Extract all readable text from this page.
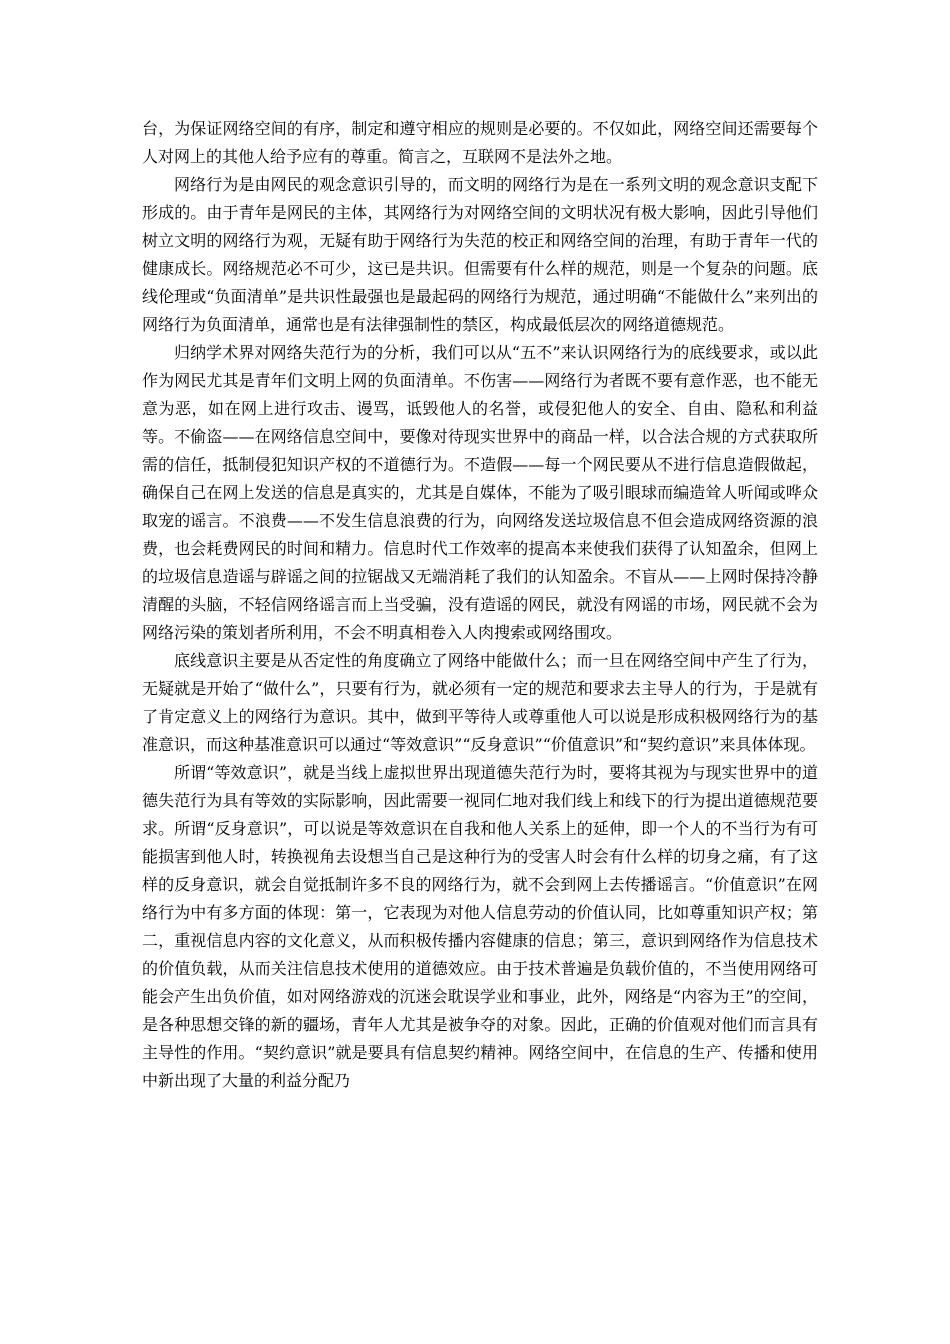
台，为保证网络空间的有序，制定和遵守相应的规则是必要的。不仅如此，网络空间还需要每个人对网上的其他人给予应有的尊重。简言之，互联网不是法外之地。

网络行为是由网民的观念意识引导的，而文明的网络行为是在一系列文明的观念意识支配下形成的。由于青年是网民的主体，其网络行为对网络空间的文明状况有极大影响，因此引导他们树立文明的网络行为观，无疑有助于网络行为失范的校正和网络空间的治理，有助于青年一代的健康成长。网络规范必不可少，这已是共识。但需要有什么样的规范，则是一个复杂的问题。底线伦理或“负面清单”是共识性最强也是最起码的网络行为规范，通过明确“不能做什么”来列出的网络行为负面清单，通常也是有法律强制性的禁区，构成最低层次的网络道德规范。

归纳学术界对网络失范行为的分析，我们可以从“五不”来认识网络行为的底线要求，或以此作为网民尤其是青年们文明上网的负面清单。不伤害——网络行为者既不要有意作恶，也不能无意为恶，如在网上进行攻击、谩骂，诋毁他人的名誉，或侵犯他人的安全、自由、隐私和利益等。不偷盗——在网络信息空间中，要像对待现实世界中的商品一样，以合法合规的方式获取所需的信任，抵制侵犯知识产权的不道德行为。不造假——每一个网民要从不进行信息造假做起，确保自己在网上发送的信息是真实的，尤其是自媒体，不能为了吸引眼球而编造耸人听闻或哗众取宠的谣言。不浪费——不发生信息浪费的行为，向网络发送垃圾信息不但会造成网络资源的浪费，也会耗费网民的时间和精力。信息时代工作效率的提高本来使我们获得了认知盈余，但网上的垃圾信息造谣与辟谣之间的拉锯战又无端消耗了我们的认知盈余。不盲从——上网时保持冷静清醒的头脑，不轻信网络谣言而上当受骗，没有造谣的网民，就没有网谣的市场，网民就不会为网络污染的策划者所利用，不会不明真相卷入人肉搜索或网络围攻。

底线意识主要是从否定性的角度确立了网络中能做什么；而一旦在网络空间中产生了行为，无疑就是开始了“做什么”，只要有行为，就必须有一定的规范和要求去主导人的行为，于是就有了肯定意义上的网络行为意识。其中，做到平等待人或尊重他人可以说是形成积极网络行为的基准意识，而这种基准意识可以通过“等效意识”“反身意识”“价值意识”和“契约意识”来具体体现。

所谓“等效意识”，就是当线上虚拟世界出现道德失范行为时，要将其视为与现实世界中的道德失范行为具有等效的实际影响，因此需要一视同仁地对我们线上和线下的行为提出道德规范要求。所谓“反身意识”，可以说是等效意识在自我和他人关系上的延伸，即一个人的不当行为有可能损害到他人时，转换视角去设想当自己是这种行为的受害人时会有什么样的切身之痛，有了这样的反身意识，就会自觉抵制许多不良的网络行为，就不会到网上去传播谣言。“价值意识”在网络行为中有多方面的体现：第一，它表现为对他人信息劳动的价值认同，比如尊重知识产权；第二，重视信息内容的文化意义，从而积极传播内容健康的信息；第三，意识到网络作为信息技术的价值负载，从而关注信息技术使用的道德效应。由于技术普遍是负载价值的，不当使用网络可能会产生出负价值，如对网络游戏的沉迷会耽误学业和事业，此外，网络是“内容为王”的空间，是各种思想交锋的新的疆场，青年人尤其是被争夺的对象。因此，正确的价值观对他们而言具有主导性的作用。“契约意识”就是要具有信息契约精神。网络空间中，在信息的生产、传播和使用中新出现了大量的利益分配乃
